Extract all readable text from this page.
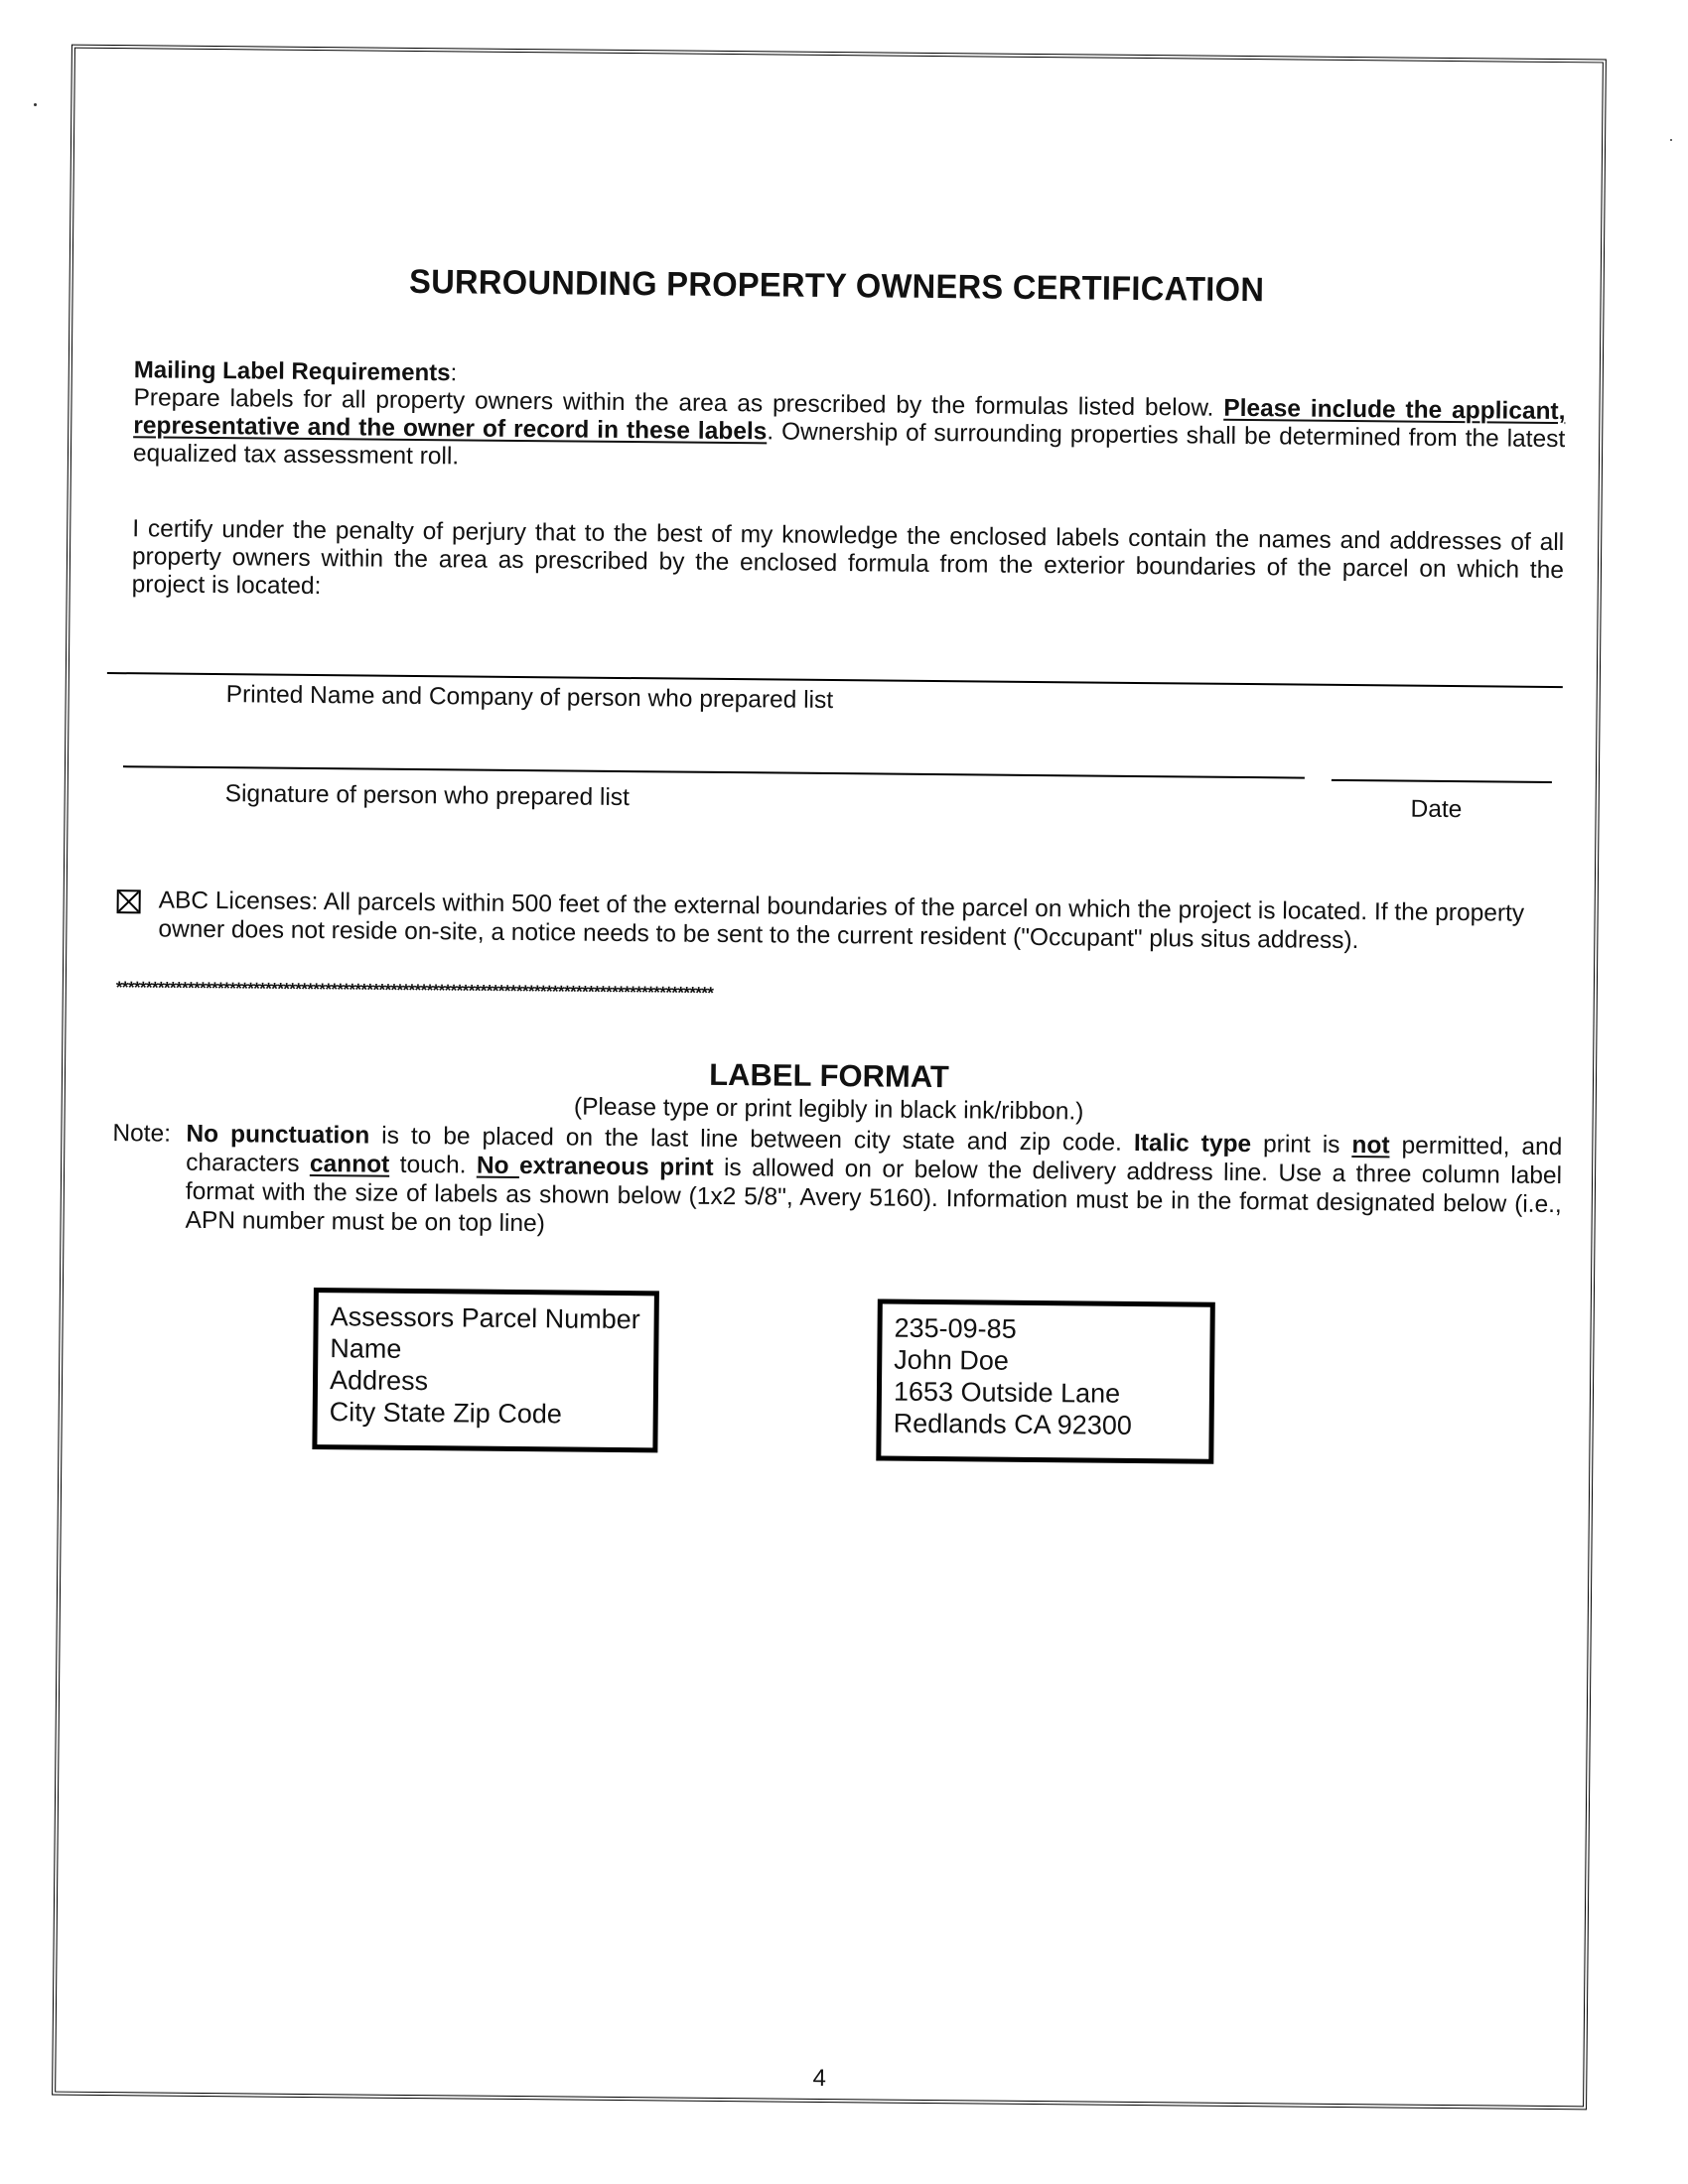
SURROUNDING PROPERTY OWNERS CERTIFICATION
Mailing Label Requirements:
Prepare labels for all property owners within the area as prescribed by the formulas listed below. Please include the applicant, representative and the owner of record in these labels. Ownership of surrounding properties shall be determined from the latest equalized tax assessment roll.
I certify under the penalty of perjury that to the best of my knowledge the enclosed labels contain the names and addresses of all property owners within the area as prescribed by the enclosed formula from the exterior boundaries of the parcel on which the project is located:
Printed Name and Company of person who prepared list
Signature of person who prepared list	Date
ABC Licenses: All parcels within 500 feet of the external boundaries of the parcel on which the project is located. If the property owner does not reside on-site, a notice needs to be sent to the current resident ("Occupant" plus situs address).
****************************************************************************************************
LABEL FORMAT
(Please type or print legibly in black ink/ribbon.)
Note: No punctuation is to be placed on the last line between city state and zip code. Italic type print is not permitted, and characters cannot touch. No extraneous print is allowed on or below the delivery address line. Use a three column label format with the size of labels as shown below (1x2 5/8", Avery 5160). Information must be in the format designated below (i.e., APN number must be on top line)
Assessors Parcel Number
Name
Address
City State Zip Code
235-09-85
John Doe
1653 Outside Lane
Redlands CA 92300
4
